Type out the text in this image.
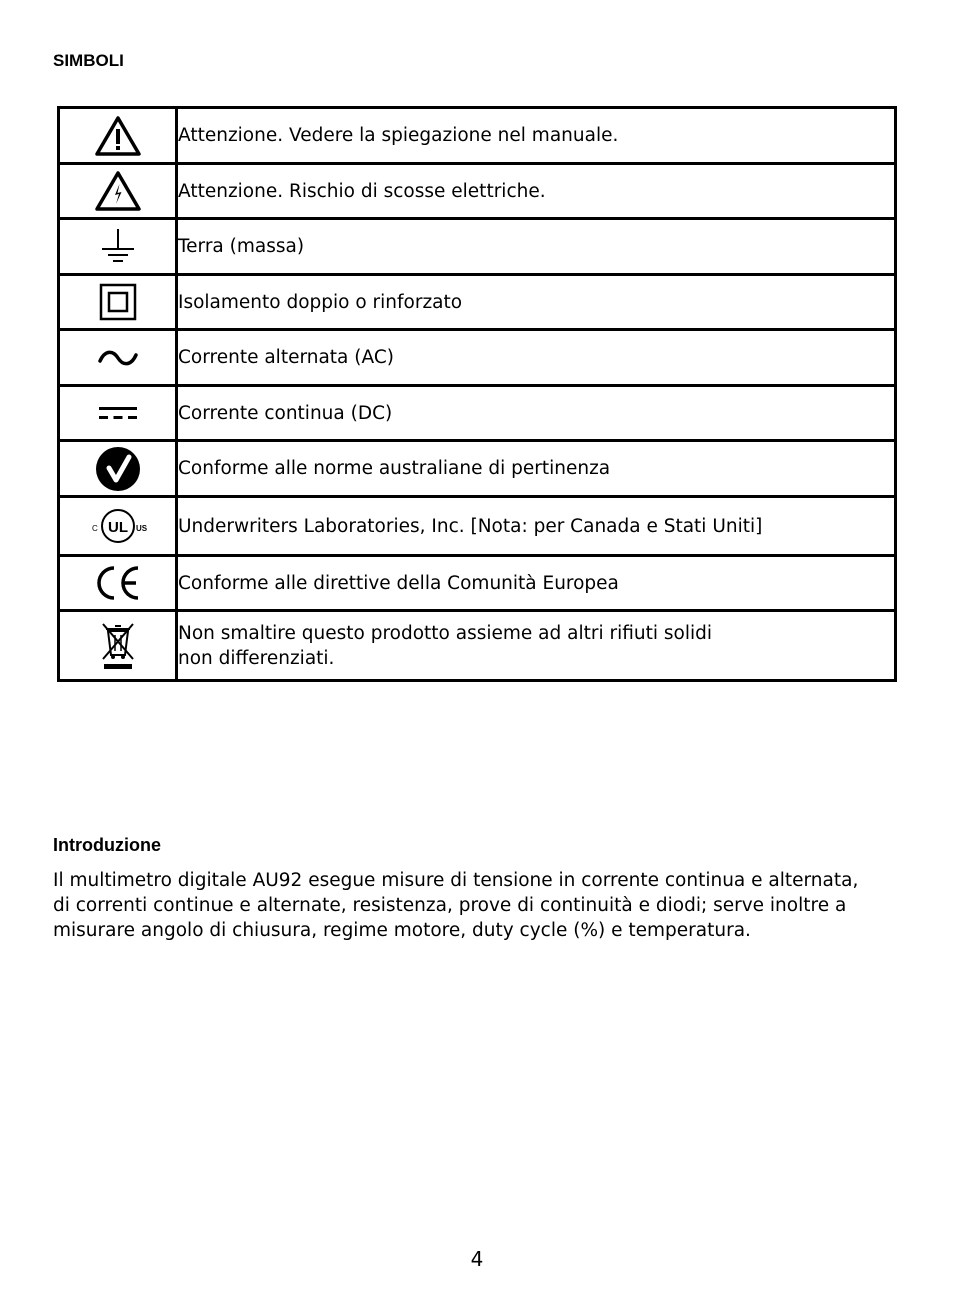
SIMBOLI
	Attenzione. Vedere la spiegazione nel manuale.

	Attenzione. Rischio di scosse elettriche.

	Terra (massa)

	Isolamento doppio o rinforzato

	Corrente alternata (AC)

	Corrente continua (DC)

	Conforme alle norme australiane di pertinenza

UL
C US	Underwriters Laboratories, Inc. [Nota: per Canada e Stati Uniti]

	Conforme alle direttive della Comunità Europea

	Non smaltire questo prodotto assieme ad altri rifiuti solidi
non differenziati.
Introduzione

Il multimetro digitale AU92 esegue misure di tensione in corrente continua e alternata,
di correnti continue e alternate, resistenza, prove di continuità e diodi; serve inoltre a
misurare angolo di chiusura, regime motore, duty cycle (%) e temperatura.

4
